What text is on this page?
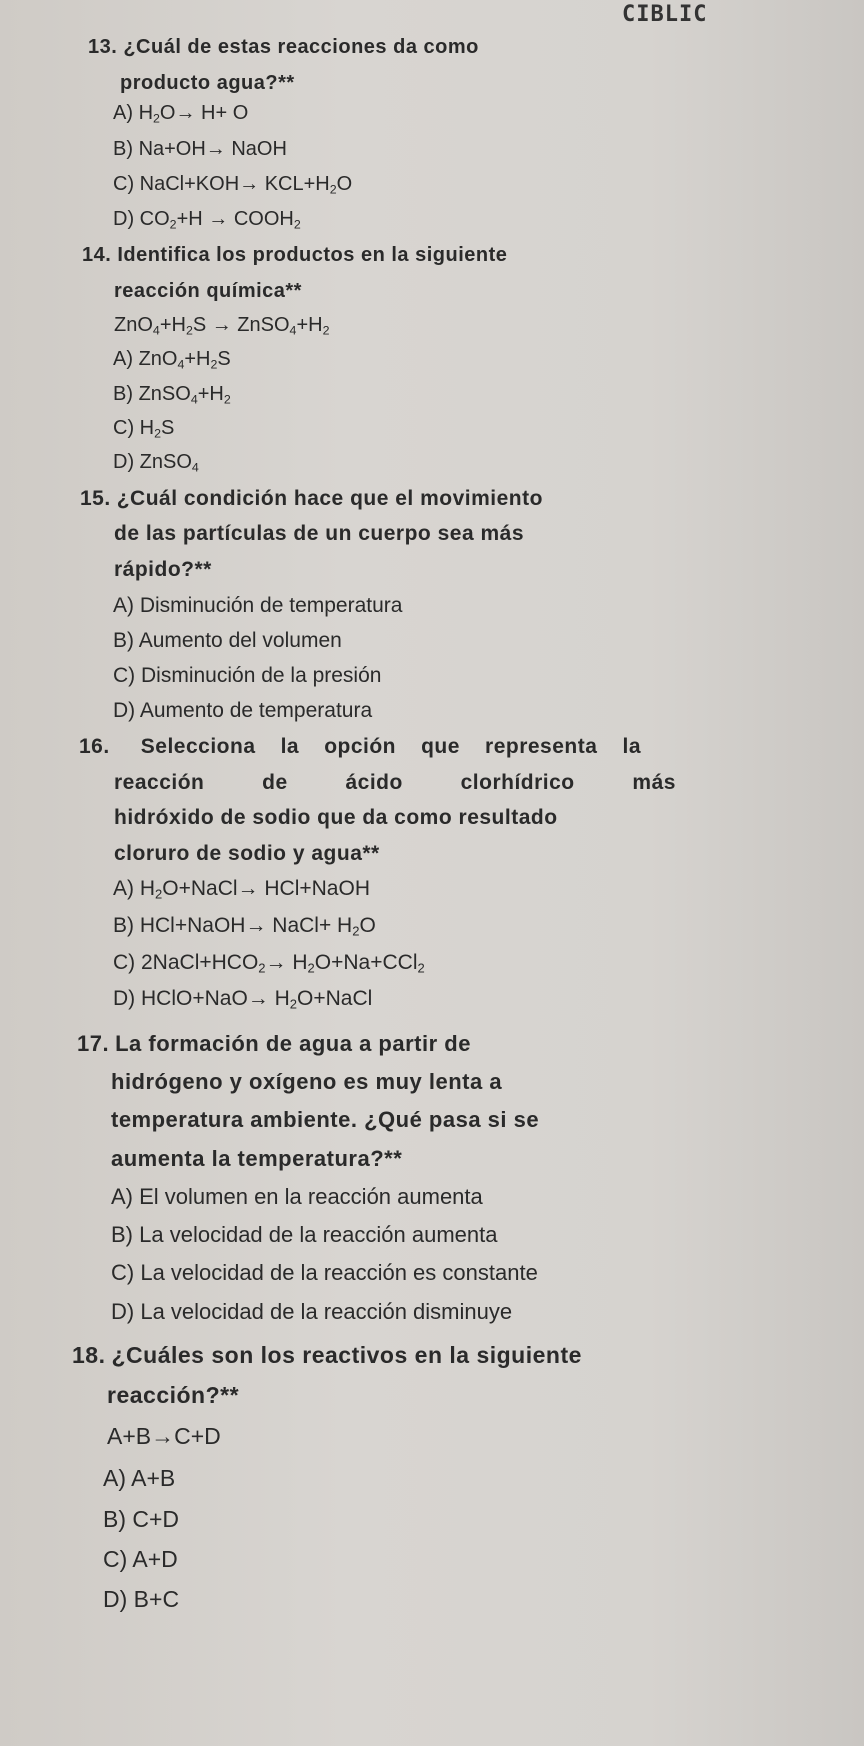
CIBLIC
13. ¿Cuál de estas reacciones da como
producto agua?**
A) $H_2O\to H+ O$
B) Na+OH→ NaOH
C) NaCl+KOH→ $KCL+H_2O$
D) $CO_2+H$ → $COOH_2$
14. Identifica los productos en la siguiente
reacción química**
$ZnO_4+H_2S$ → $ZnSO_4+H_2$
A) $ZnO_4+H_2S$
B) $ZnSO_4+H_2$
C) $H_2S$
D) ZnSO$_4$
15. ¿Cuál condición hace que el movimiento
de las partículas de un cuerpo sea más
rápido?**
A) Disminución de temperatura
B) Aumento del volumen
C) Disminución de la presión
D) Aumento de temperatura
16. Selecciona la opción que representa la
reacción	de	ácido	clorhídrico	más
hidróxido de sodio que da como resultado
cloruro de sodio y agua**
A) $H_2O+NaCl\to$ HCl+NaOH
B) HCl+NaOH→ NaCl+ $H_2O$
C) $2NaCl+HCO_2\to H_2O+Na+CCl_2$
D) HClO+NaO→ $H_2O+NaCl$
17. La formación de agua a partir de
hidrógeno y oxígeno es muy lenta a
temperatura ambiente. ¿Qué pasa si se
aumenta la temperatura?**
A) El volumen en la reacción aumenta
B) La velocidad de la reacción aumenta
C) La velocidad de la reacción es constante
D) La velocidad de la reacción disminuye
18. ¿Cuáles son los reactivos en la siguiente
reacción?**
A+B→C+D
A) A+B
B) C+D
C) A+D
D) B+C
